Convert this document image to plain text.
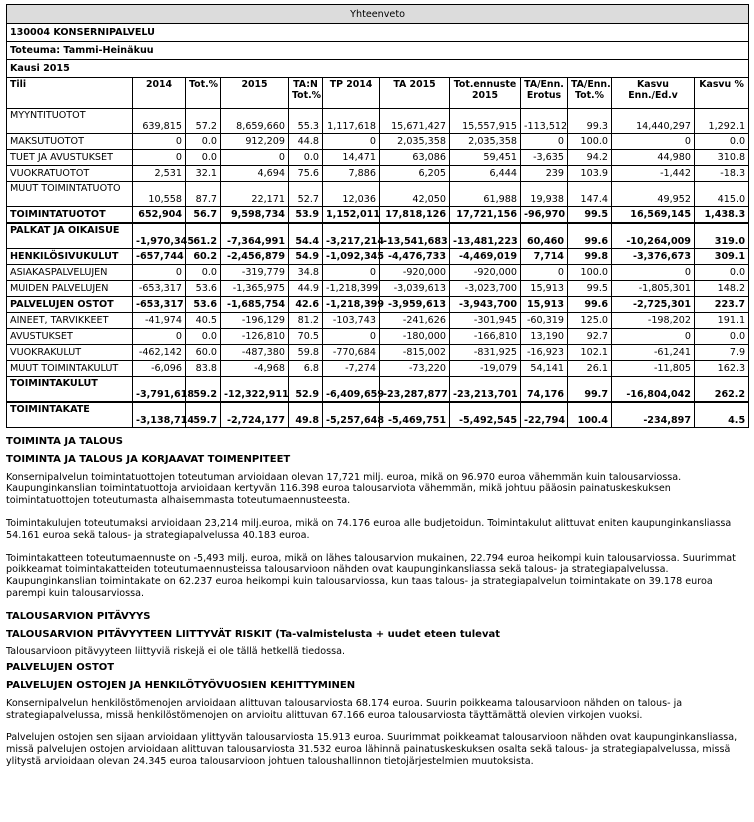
Yhteenveto											
130004 KONSERNIPALVELU											
Toteuma: Tammi-Heinäkuu											
Kausi 2015											
Tili	2014	Tot.%	2015	TA:N Tot.%	TP 2014	TA 2015	Tot.ennuste 2015	TA/Enn. Erotus	TA/Enn. Tot.%	Kasvu Enn./Ed.v	Kasvu %
MYYNTITUOTOT	639,815	57.2	8,659,660	55.3	1,117,618	15,671,427	15,557,915	-113,512	99.3	14,440,297	1,292.1
MAKSUTUOTOT	0	0.0	912,209	44.8	0	2,035,358	2,035,358	0	100.0	0	0.0
TUET JA AVUSTUKSET	0	0.0	0	0.0	14,471	63,086	59,451	-3,635	94.2	44,980	310.8
VUOKRATUOTOT	2,531	32.1	4,694	75.6	7,886	6,205	6,444	239	103.9	-1,442	-18.3
MUUT TOIMINTATUOTO	10,558	87.7	22,171	52.7	12,036	42,050	61,988	19,938	147.4	49,952	415.0
TOIMINTATUOTOT	652,904	56.7	9,598,734	53.9	1,152,011	17,818,126	17,721,156	-96,970	99.5	16,569,145	1,438.3
PALKAT JA OIKAISUE	-1,970,345	61.2	-7,364,991	54.4	-3,217,214	-13,541,683	-13,481,223	60,460	99.6	-10,264,009	319.0
HENKILÖSIVUKULUT	-657,744	60.2	-2,456,879	54.9	-1,092,345	-4,476,733	-4,469,019	7,714	99.8	-3,376,673	309.1
ASIAKASPALVELUJEN	0	0.0	-319,779	34.8	0	-920,000	-920,000	0	100.0	0	0.0
MUIDEN PALVELUJEN	-653,317	53.6	-1,365,975	44.9	-1,218,399	-3,039,613	-3,023,700	15,913	99.5	-1,805,301	148.2
PALVELUJEN OSTOT	-653,317	53.6	-1,685,754	42.6	-1,218,399	-3,959,613	-3,943,700	15,913	99.6	-2,725,301	223.7
AINEET, TARVIKKEET	-41,974	40.5	-196,129	81.2	-103,743	-241,626	-301,945	-60,319	125.0	-198,202	191.1
AVUSTUKSET	0	0.0	-126,810	70.5	0	-180,000	-166,810	13,190	92.7	0	0.0
VUOKRAKULUT	-462,142	60.0	-487,380	59.8	-770,684	-815,002	-831,925	-16,923	102.1	-61,241	7.9
MUUT TOIMINTAKULUT	-6,096	83.8	-4,968	6.8	-7,274	-73,220	-19,079	54,141	26.1	-11,805	162.3
TOIMINTAKULUT	-3,791,618	59.2	-12,322,911	52.9	-6,409,659	-23,287,877	-23,213,701	74,176	99.7	-16,804,042	262.2
TOIMINTAKATE	-3,138,714	59.7	-2,724,177	49.8	-5,257,648	-5,469,751	-5,492,545	-22,794	100.4	-234,897	4.5
TOIMINTA JA TALOUS
TOIMINTA JA TALOUS JA KORJAAVAT TOIMENPITEET

Konsernipalvelun toimintatuottojen toteutuman arvioidaan olevan 17,721 milj. euroa, mikä on 96.970 euroa vähemmän kuin talousarviossa. Kaupunginkanslian toimintatuottoja arvioidaan kertyvän 116.398 euroa talousarviota vähemmän, mikä johtuu pääosin painatuskeskuksen toimintatuottojen toteutumasta alhaisemmasta toteutumaennusteesta.

Toimintakulujen toteutumaksi arvioidaan 23,214 milj.euroa, mikä on 74.176 euroa alle budjetoidun. Toimintakulut alittuvat eniten kaupunginkansliassa 54.161 euroa sekä talous- ja strategiapalvelussa 40.183 euroa.

Toimintakatteen toteutumaennuste on -5,493 milj. euroa, mikä on lähes talousarvion mukainen, 22.794 euroa heikompi kuin talousarviossa. Suurimmat poikkeamat toimintakatteiden toteutumaennusteissa talousarvioon nähden ovat kaupunginkansliassa sekä talous- ja strategiapalvelussa.

Kaupunginkanslian toimintakate on 62.237 euroa heikompi kuin talousarviossa, kun taas talous- ja strategiapalvelun toimintakate on 39.178 euroa parempi kuin talousarviossa.

TALOUSARVION PITÄVYYS
TALOUSARVION PITÄVYYTEEN LIITTYVÄT RISKIT (Ta-valmistelusta + uudet eteen tulevat

Talousarvioon pitävyyteen liittyviä riskejä ei ole tällä hetkellä tiedossa.

PALVELUJEN OSTOT
PALVELUJEN OSTOJEN JA HENKILÖTYÖVUOSIEN KEHITTYMINEN

Konsernipalvelun henkilöstömenojen arvioidaan alittuvan talousarviosta 68.174 euroa. Suurin poikkeama talousarvioon nähden on talous- ja strategiapalvelussa, missä henkilöstömenojen on arvioitu alittuvan 67.166 euroa talousarviosta täyttämättä olevien virkojen vuoksi.

Palvelujen ostojen sen sijaan arvioidaan ylittyvän talousarviosta 15.913 euroa. Suurimmat poikkeamat talousarvioon nähden ovat kaupunginkansliassa, missä palvelujen ostojen arvioidaan alittuvan talousarviosta 31.532 euroa lähinnä painatuskeskuksen osalta sekä talous- ja strategiapalvelussa, missä ylitystä arvioidaan olevan 24.345 euroa talousarvioon johtuen taloushallinnon tietojärjestelmien muutoksista.
